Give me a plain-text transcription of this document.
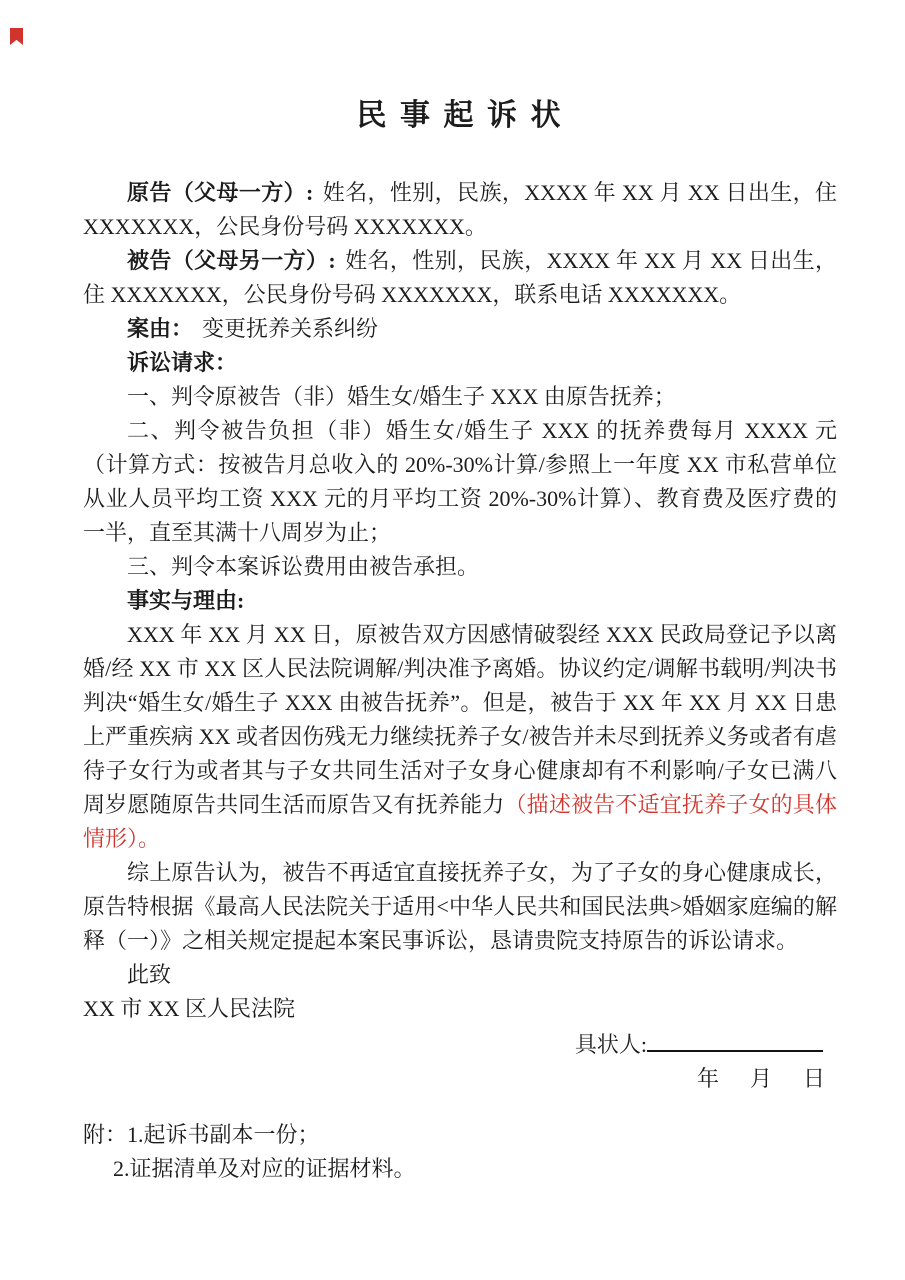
民 事 起 诉 状

原告（父母一方）: 姓名，性别，民族，XXXX 年 XX 月 XX 日出生，住 XXXXXXX，公民身份号码 XXXXXXX。

被告（父母另一方）: 姓名，性别，民族，XXXX 年 XX 月 XX 日出生，住 XXXXXXX，公民身份号码 XXXXXXX，联系电话 XXXXXXX。

案由： 变更抚养关系纠纷

诉讼请求：

一、判令原被告（非）婚生女/婚生子 XXX 由原告抚养；

二、判令被告负担（非）婚生女/婚生子 XXX 的抚养费每月 XXXX 元（计算方式：按被告月总收入的 20%-30%计算/参照上一年度 XX 市私营单位从业人员平均工资 XXX 元的月平均工资 20%-30%计算）、教育费及医疗费的一半，直至其满十八周岁为止；

三、判令本案诉讼费用由被告承担。

事实与理由:

XXX 年 XX 月 XX 日，原被告双方因感情破裂经 XXX 民政局登记予以离婚/经 XX 市 XX 区人民法院调解/判决准予离婚。协议约定/调解书载明/判决书判决“婚生女/婚生子 XXX 由被告抚养”。但是，被告于 XX 年 XX 月 XX 日患上严重疾病 XX 或者因伤残无力继续抚养子女/被告并未尽到抚养义务或者有虐待子女行为或者其与子女共同生活对子女身心健康却有不利影响/子女已满八周岁愿随原告共同生活而原告又有抚养能力（描述被告不适宜抚养子女的具体情形）。

综上原告认为，被告不再适宜直接抚养子女，为了子女的身心健康成长，原告特根据《最高人民法院关于适用<中华人民共和国民法典>婚姻家庭编的解释（一）》之相关规定提起本案民事诉讼，恳请贵院支持原告的诉讼请求。

此致

XX 市 XX 区人民法院

具状人:

年 月 日

附：1.起诉书副本一份；

2.证据清单及对应的证据材料。
